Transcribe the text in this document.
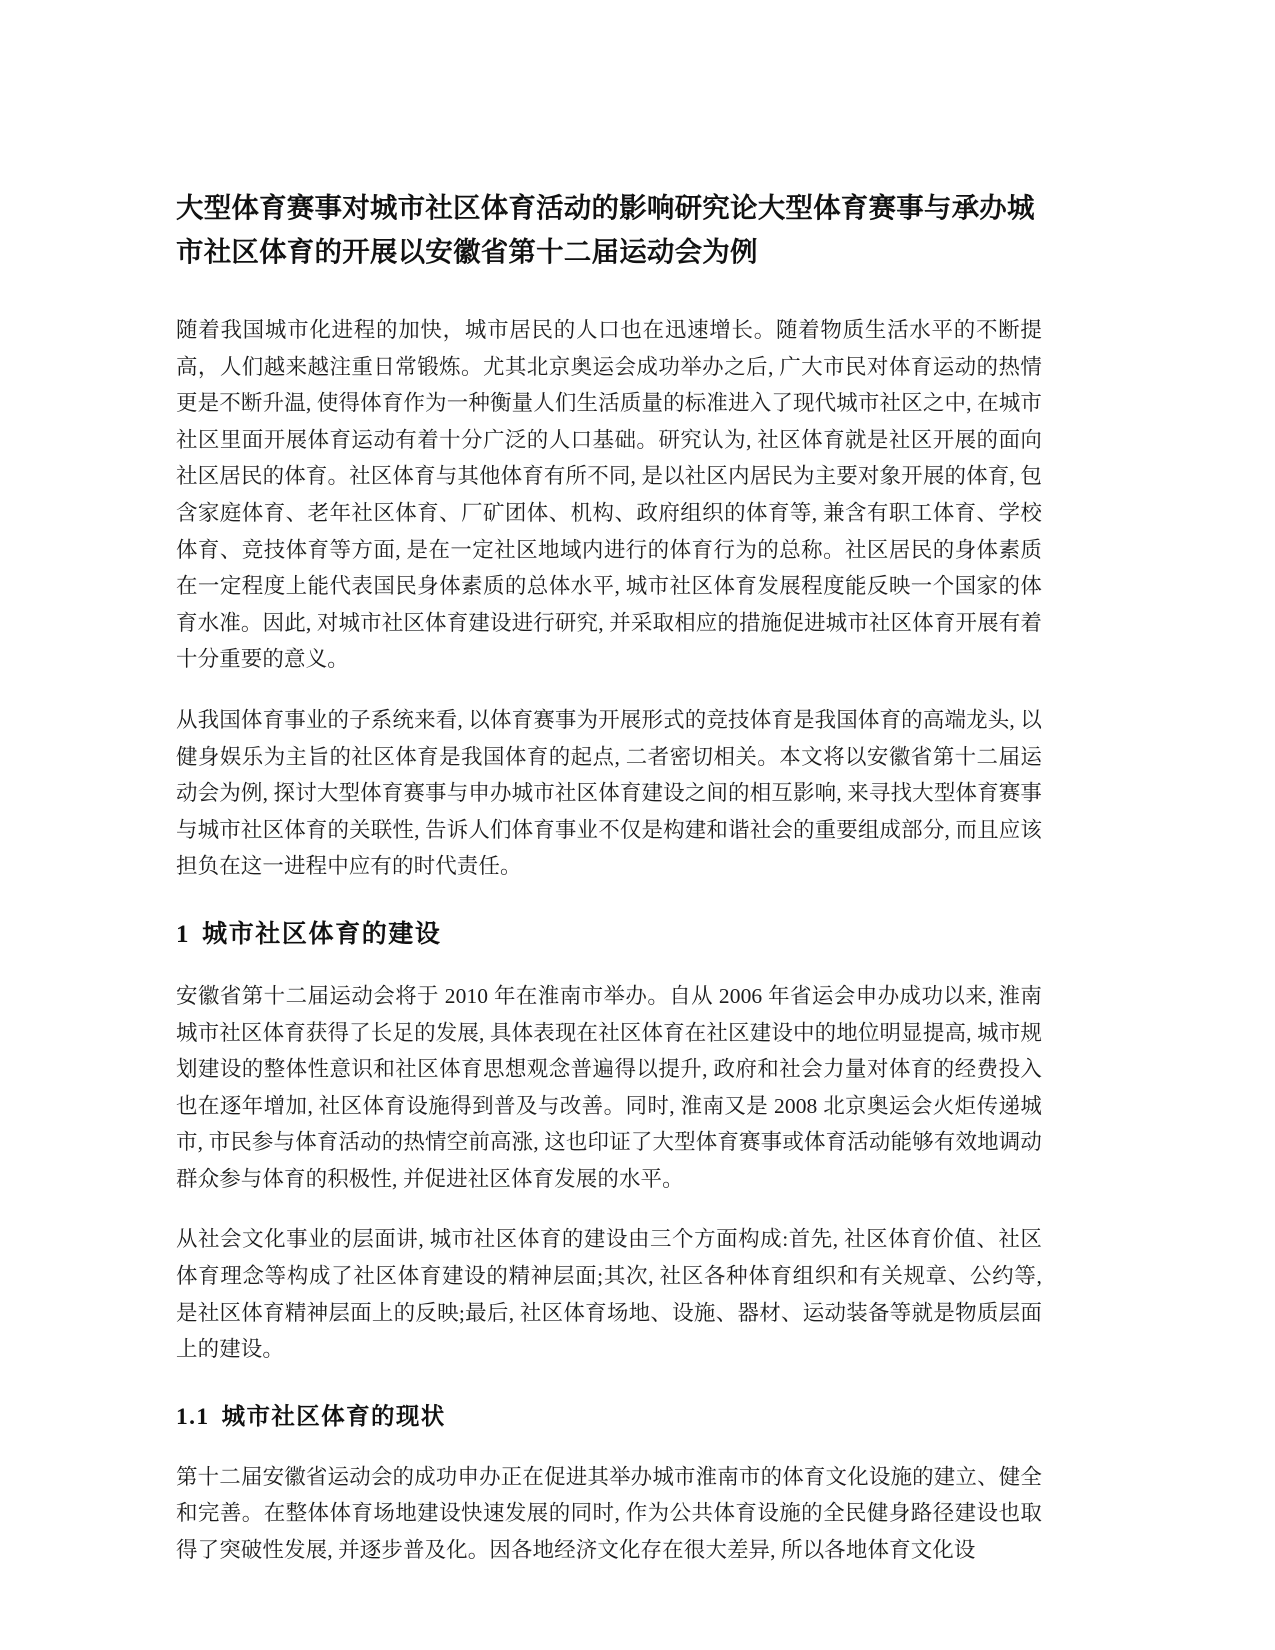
大型体育赛事对城市社区体育活动的影响研究论大型体育赛事与承办城市社区体育的开展以安徽省第十二届运动会为例

随着我国城市化进程的加快，城市居民的人口也在迅速增长。随着物质生活水平的不断提高，人们越来越注重日常锻炼。尤其北京奥运会成功举办之后, 广大市民对体育运动的热情更是不断升温, 使得体育作为一种衡量人们生活质量的标准进入了现代城市社区之中, 在城市社区里面开展体育运动有着十分广泛的人口基础。研究认为, 社区体育就是社区开展的面向社区居民的体育。社区体育与其他体育有所不同, 是以社区内居民为主要对象开展的体育, 包含家庭体育、老年社区体育、厂矿团体、机构、政府组织的体育等, 兼含有职工体育、学校体育、竞技体育等方面, 是在一定社区地域内进行的体育行为的总称。社区居民的身体素质在一定程度上能代表国民身体素质的总体水平, 城市社区体育发展程度能反映一个国家的体育水准。因此, 对城市社区体育建设进行研究, 并采取相应的措施促进城市社区体育开展有着十分重要的意义。

从我国体育事业的子系统来看, 以体育赛事为开展形式的竞技体育是我国体育的高端龙头, 以健身娱乐为主旨的社区体育是我国体育的起点, 二者密切相关。本文将以安徽省第十二届运动会为例, 探讨大型体育赛事与申办城市社区体育建设之间的相互影响, 来寻找大型体育赛事与城市社区体育的关联性, 告诉人们体育事业不仅是构建和谐社会的重要组成部分, 而且应该担负在这一进程中应有的时代责任。

1 城市社区体育的建设

安徽省第十二届运动会将于 2010 年在淮南市举办。自从 2006 年省运会申办成功以来, 淮南城市社区体育获得了长足的发展, 具体表现在社区体育在社区建设中的地位明显提高, 城市规划建设的整体性意识和社区体育思想观念普遍得以提升, 政府和社会力量对体育的经费投入也在逐年增加, 社区体育设施得到普及与改善。同时, 淮南又是 2008 北京奥运会火炬传递城市, 市民参与体育活动的热情空前高涨, 这也印证了大型体育赛事或体育活动能够有效地调动群众参与体育的积极性, 并促进社区体育发展的水平。

从社会文化事业的层面讲, 城市社区体育的建设由三个方面构成:首先, 社区体育价值、社区体育理念等构成了社区体育建设的精神层面;其次, 社区各种体育组织和有关规章、公约等, 是社区体育精神层面上的反映;最后, 社区体育场地、设施、器材、运动装备等就是物质层面上的建设。

1.1 城市社区体育的现状

第十二届安徽省运动会的成功申办正在促进其举办城市淮南市的体育文化设施的建立、健全和完善。在整体体育场地建设快速发展的同时, 作为公共体育设施的全民健身路径建设也取得了突破性发展, 并逐步普及化。因各地经济文化存在很大差异, 所以各地体育文化设
